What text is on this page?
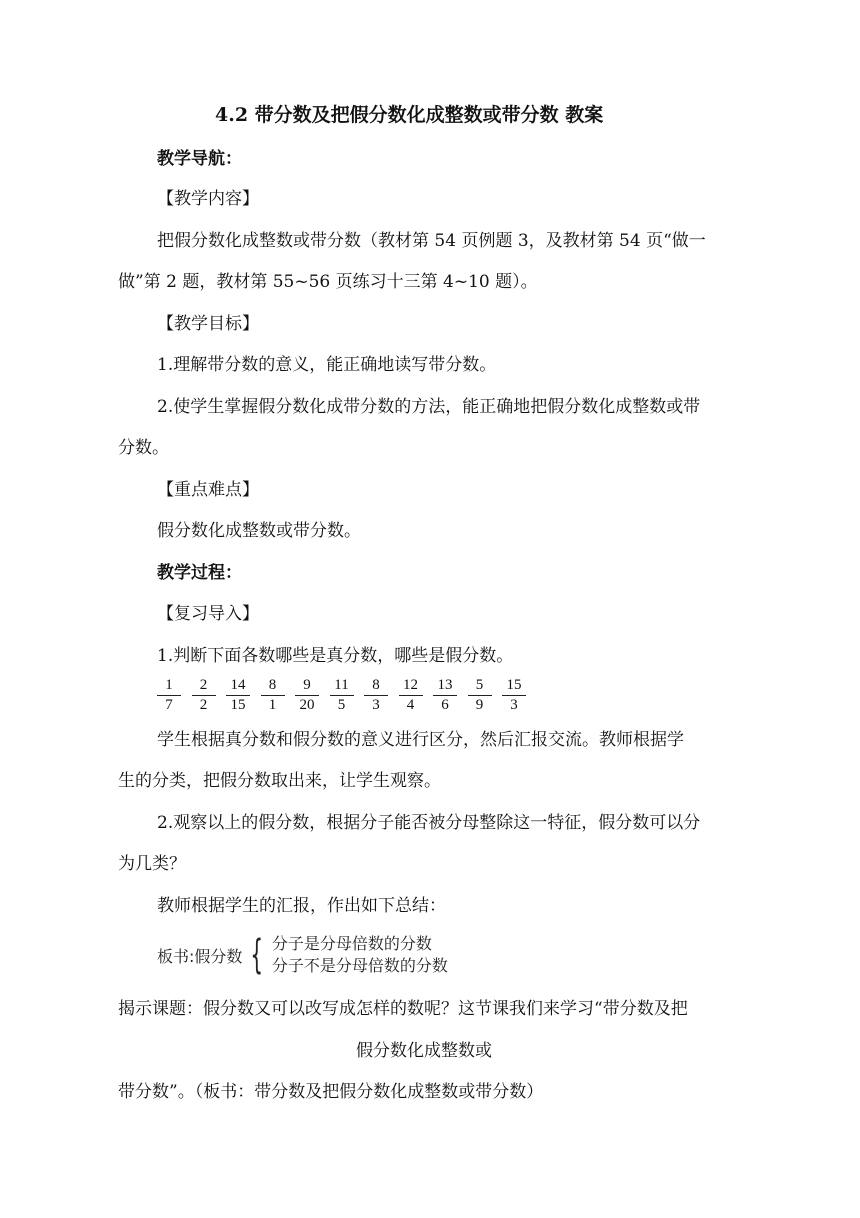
4.2 带分数及把假分数化成整数或带分数 教案
教学导航：
【教学内容】
把假分数化成整数或带分数（教材第 54 页例题 3，及教材第 54 页“做一
做”第 2 题，教材第 55~56 页练习十三第 4~10 题）。
【教学目标】
1.理解带分数的意义，能正确地读写带分数。
2.使学生掌握假分数化成带分数的方法，能正确地把假分数化成整数或带
分数。
【重点难点】
假分数化成整数或带分数。
教学过程：
【复习导入】
1.判断下面各数哪些是真分数，哪些是假分数。
$\frac{1}{7} \frac{2}{2} \frac{14}{15} \frac{8}{1} \frac{9}{20} \frac{11}{5} \frac{8}{3} \frac{12}{4} \frac{13}{6} \frac{5}{9} \frac{15}{3}$
学生根据真分数和假分数的意义进行区分，然后汇报交流。教师根据学
生的分类，把假分数取出来，让学生观察。
2.观察以上的假分数，根据分子能否被分母整除这一特征，假分数可以分
为几类？
教师根据学生的汇报，作出如下总结：
板书:假分数 { 分子是分母倍数的分数
分子不是分母倍数的分数
揭示课题：假分数又可以改写成怎样的数呢？这节课我们来学习“带分数及把
假分数化成整数或
带分数”。（板书：带分数及把假分数化成整数或带分数）
